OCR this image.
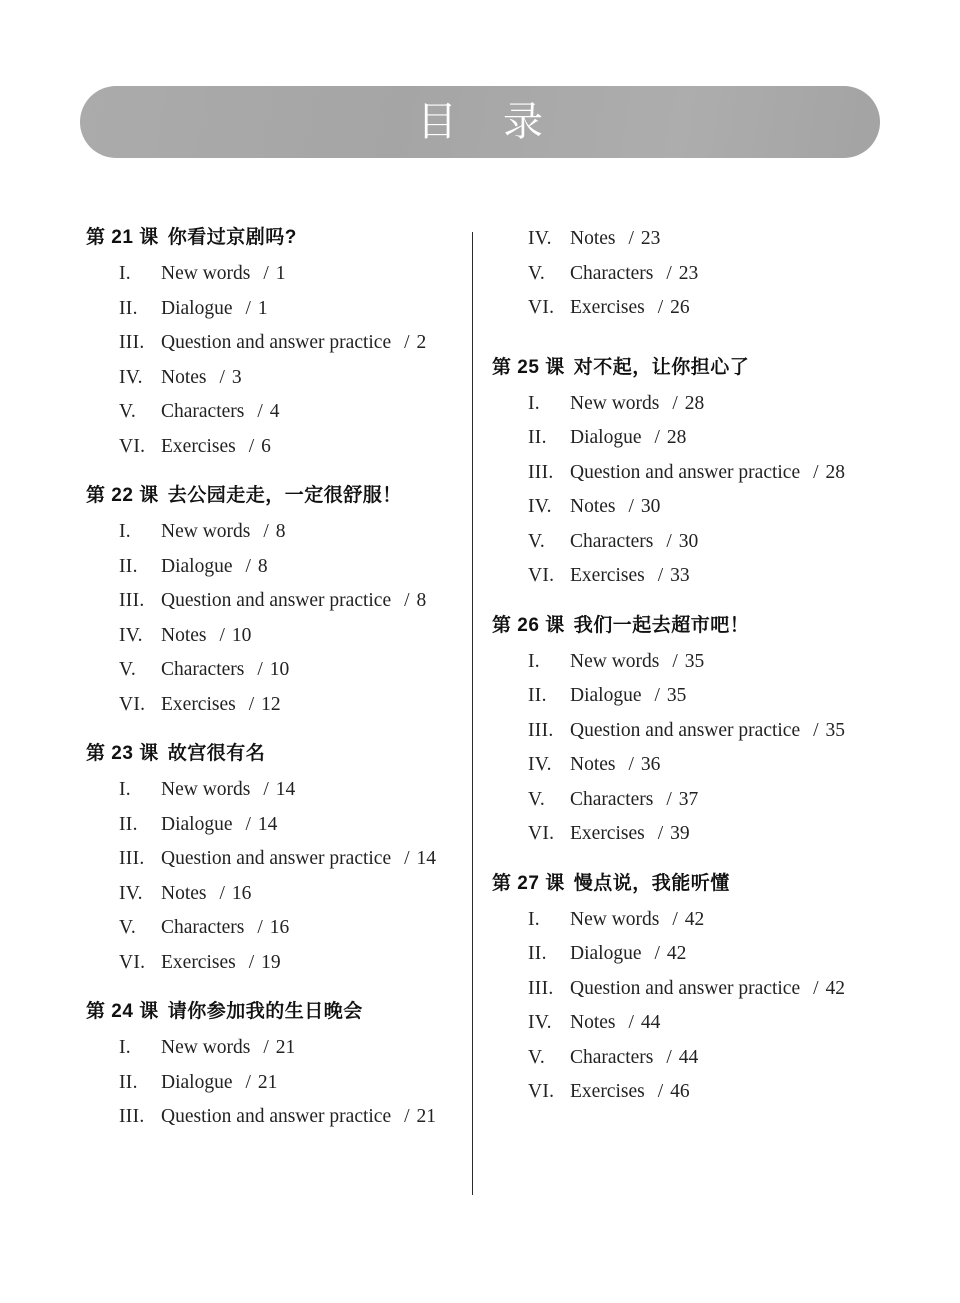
目 录
第 21 课 你看过京剧吗?
I.	New words / 1
II.	Dialogue / 1
III. Question and answer practice / 2
IV. Notes / 3
V.	Characters / 4
VI. Exercises / 6
第 22 课 去公园走走，一定很舒服！
I.	New words / 8
II.	Dialogue / 8
III. Question and answer practice / 8
IV. Notes / 10
V.	Characters / 10
VI. Exercises / 12
第 23 课 故宫很有名
I.	New words / 14
II.	Dialogue / 14
III. Question and answer practice / 14
IV. Notes / 16
V.	Characters / 16
VI. Exercises / 19
第 24 课 请你参加我的生日晚会
I.	New words / 21
II.	Dialogue / 21
III. Question and answer practice / 21
IV. Notes / 23
V.	Characters / 23
VI. Exercises / 26
第 25 课 对不起，让你担心了
I.	New words / 28
II.	Dialogue / 28
III. Question and answer practice / 28
IV. Notes / 30
V.	Characters / 30
VI. Exercises / 33
第 26 课 我们一起去超市吧！
I.	New words / 35
II.	Dialogue / 35
III. Question and answer practice / 35
IV. Notes / 36
V.	Characters / 37
VI. Exercises / 39
第 27 课 慢点说，我能听懂
I.	New words / 42
II.	Dialogue / 42
III. Question and answer practice / 42
IV. Notes / 44
V.	Characters / 44
VI. Exercises / 46
